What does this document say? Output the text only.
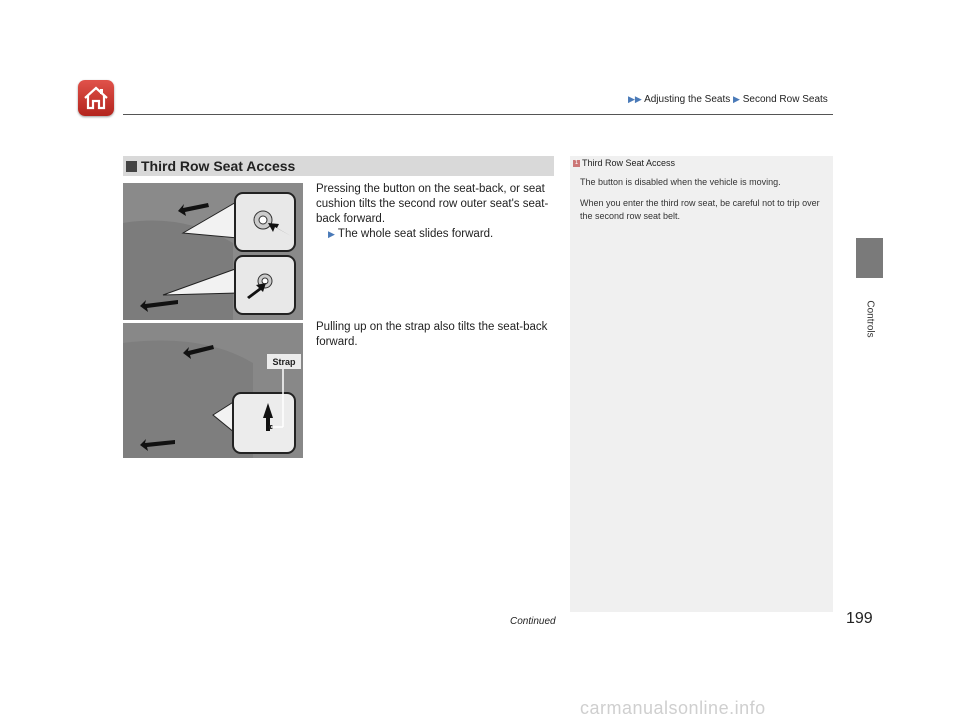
▶▶ Adjusting the Seats ▶ Second Row Seats
Controls
Third Row Seat Access
Strap
Pressing the button on the seat-back, or seat cushion tilts the second row outer seat's seat-back forward.
▶ The whole seat slides forward.
Pulling up on the strap also tilts the seat-back forward.
1 Third Row Seat Access

The button is disabled when the vehicle is moving.

When you enter the third row seat, be careful not to trip over the second row seat belt.

Continued	199
carmanualsonline.info
